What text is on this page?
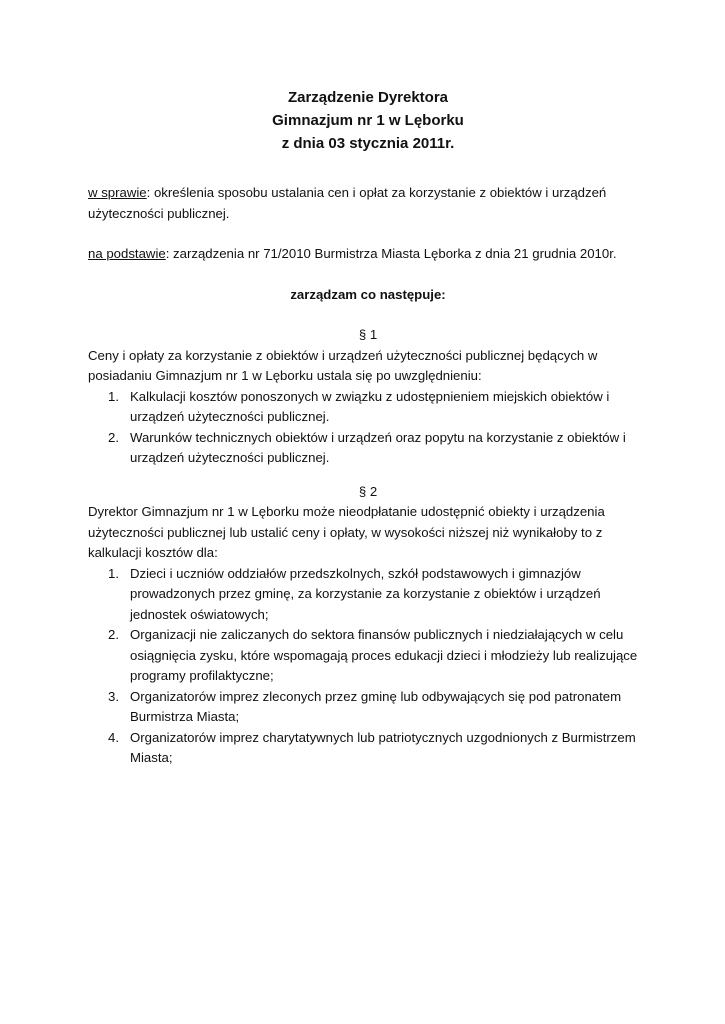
Zarządzenie Dyrektora
Gimnazjum nr 1 w Lęborku
z dnia 03 stycznia 2011r.

w sprawie: określenia sposobu ustalania cen i opłat za korzystanie z obiektów i urządzeń użyteczności publicznej.

na podstawie: zarządzenia nr 71/2010 Burmistrza Miasta Lęborka z dnia 21 grudnia 2010r.

zarządzam co następuje:

§ 1

Ceny i opłaty za korzystanie z obiektów i urządzeń użyteczności publicznej będących w posiadaniu Gimnazjum nr 1 w Lęborku ustala się po uwzględnieniu:

1. Kalkulacji kosztów ponoszonych w związku z udostępnieniem miejskich obiektów i urządzeń użyteczności publicznej.
2. Warunków technicznych obiektów i urządzeń oraz popytu na korzystanie z obiektów i urządzeń użyteczności publicznej.

§ 2

Dyrektor Gimnazjum nr 1 w Lęborku może nieodpłatanie udostępnić obiekty i urządzenia użyteczności publicznej lub ustalić ceny i opłaty, w wysokości niższej niż wynikałoby to z kalkulacji kosztów dla:

1. Dzieci i uczniów oddziałów przedszkolnych, szkół podstawowych i gimnazjów prowadzonych przez gminę, za korzystanie za korzystanie z obiektów i urządzeń jednostek oświatowych;
2. Organizacji nie zaliczanych do sektora finansów publicznych i niedziałających w celu osiągnięcia zysku, które wspomagają proces edukacji dzieci i młodzieży lub realizujące programy profilaktyczne;
3. Organizatorów imprez zleconych przez gminę lub odbywających się pod patronatem Burmistrza Miasta;
4. Organizatorów imprez charytatywnych lub patriotycznych uzgodnionych z Burmistrzem Miasta;
